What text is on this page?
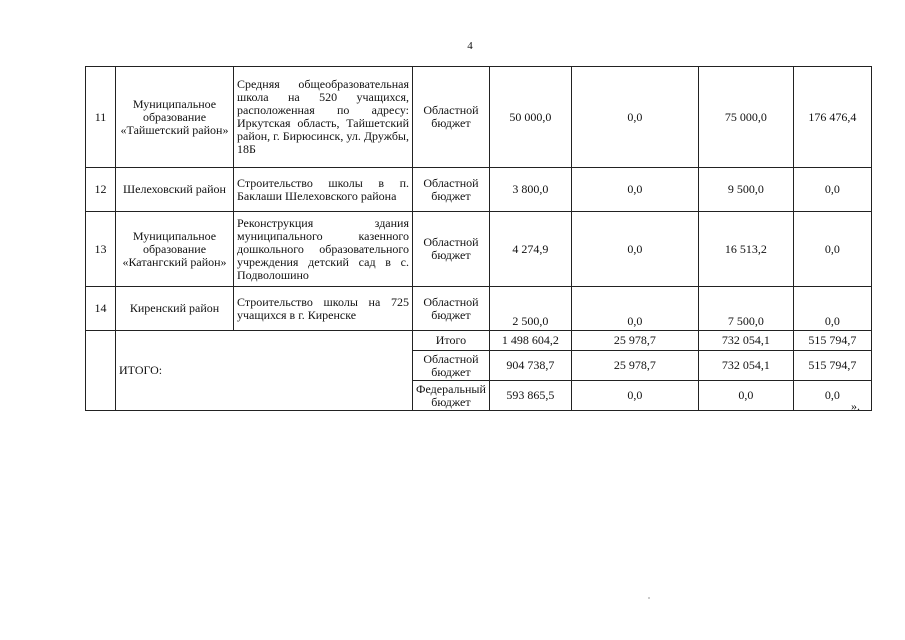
4
11	Муниципальное образование «Тайшетский район»	Средняя общеобразовательная школа на 520 учащихся, расположенная по адресу: Иркутская область, Тайшетский район, г. Бирюсинск, ул. Дружбы, 18Б	Областной бюджет	50 000,0	0,0	75 000,0	176 476,4
12	Шелеховский район	Строительство школы в п. Баклаши Шелеховского района	Областной бюджет	3 800,0	0,0	9 500,0	0,0
13	Муниципальное образование «Катангский район»	Реконструкция здания муниципального казенного дошкольного образовательного учреждения детский сад в с. Подволошино	Областной бюджет	4 274,9	0,0	16 513,2	0,0
14	Киренский район	Строительство школы на 725 учащихся в г. Киренске	Областной бюджет	2 500,0	0,0	7 500,0	0,0
	ИТОГО:		Итого	1 498 604,2	25 978,7	732 054,1	515 794,7
			Областной бюджет	904 738,7	25 978,7	732 054,1	515 794,7
			Федеральный бюджет	593 865,5	0,0	0,0	0,0
».
